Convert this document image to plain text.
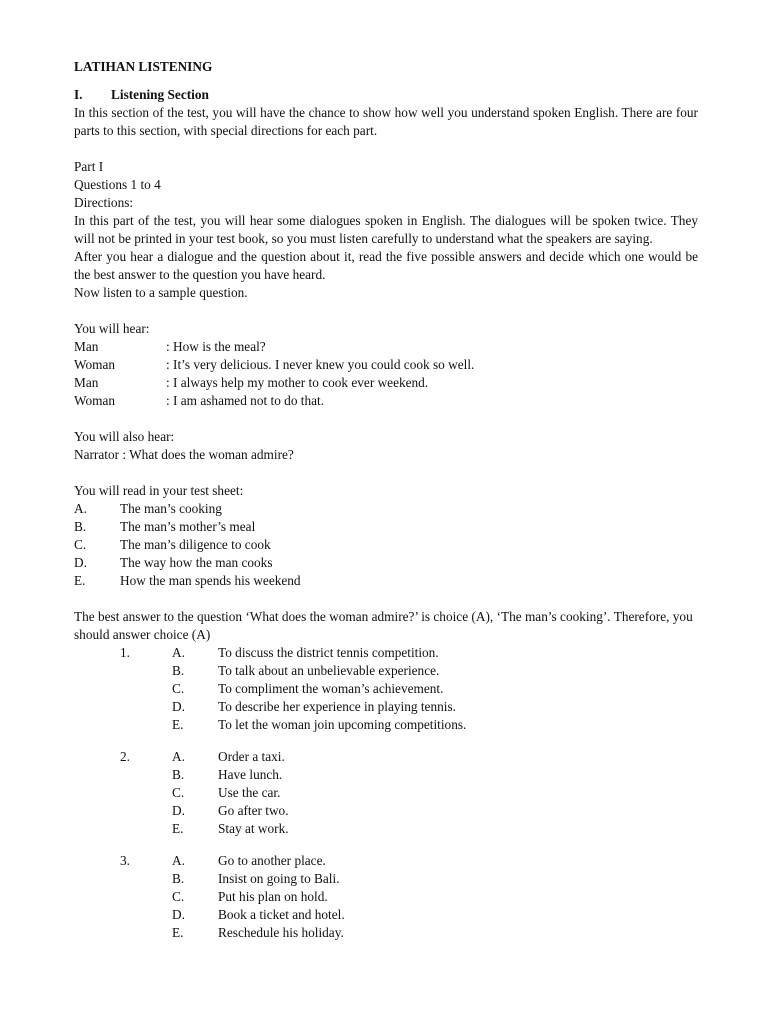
LATIHAN LISTENING

I. Listening Section

In this section of the test, you will have the chance to show how well you understand spoken English. There are four parts to this section, with special directions for each part.

Part I

Questions 1 to 4

Directions:

In this part of the test, you will hear some dialogues spoken in English. The dialogues will be spoken twice. They will not be printed in your test book, so you must listen carefully to understand what the speakers are saying.

After you hear a dialogue and the question about it, read the five possible answers and decide which one would be the best answer to the question you have heard.

Now listen to a sample question.

You will hear:

Man	: How is the meal?
Woman	: It’s very delicious. I never knew you could cook so well.
Man	: I always help my mother to cook ever weekend.
Woman	: I am ashamed not to do that.

You will also hear:

Narrator : What does the woman admire?

You will read in your test sheet:

A.	The man’s cooking
B.	The man’s mother’s meal
C.	The man’s diligence to cook
D.	The way how the man cooks
E.	How the man spends his weekend

The best answer to the question ‘What does the woman admire?’ is choice (A), ‘The man’s cooking’. Therefore, you should answer choice (A)

1.	A.	To discuss the district tennis competition.
B.	To talk about an unbelievable experience.
C.	To compliment the woman’s achievement.
D.	To describe her experience in playing tennis.
E.	To let the woman join upcoming competitions.
2.	A.	Order a taxi.
B.	Have lunch.
C.	Use the car.
D.	Go after two.
E.	Stay at work.
3.	A.	Go to another place.
B.	Insist on going to Bali.
C.	Put his plan on hold.
D.	Book a ticket and hotel.
E.	Reschedule his holiday.
